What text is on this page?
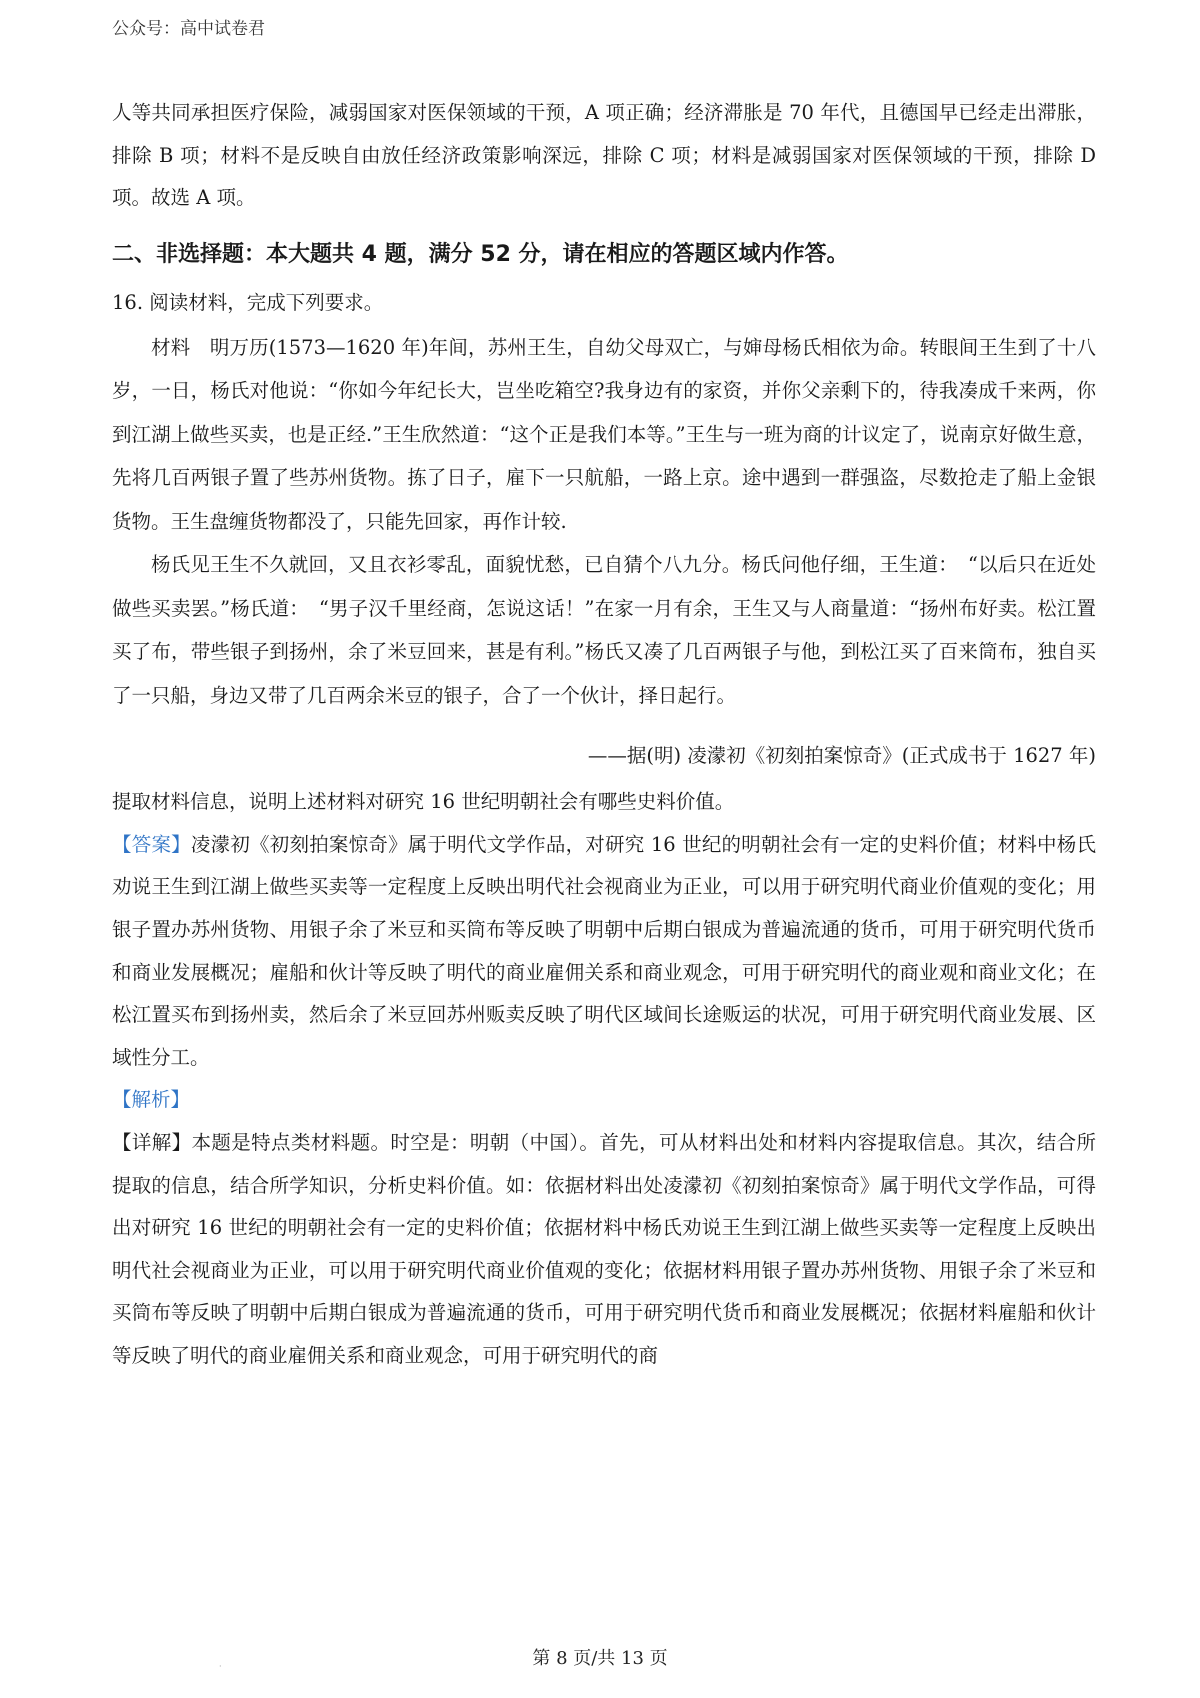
公众号：高中试卷君

人等共同承担医疗保险，减弱国家对医保领域的干预，A 项正确；经济滞胀是 70 年代，且德国早已经走出滞胀，排除 B 项；材料不是反映自由放任经济政策影响深远，排除 C 项；材料是减弱国家对医保领域的干预，排除 D 项。故选 A 项。

二、非选择题：本大题共 4 题，满分 52 分，请在相应的答题区域内作答。
16. 阅读材料，完成下列要求。

材料　明万历(1573—1620 年)年间，苏州王生，自幼父母双亡，与婶母杨氏相依为命。转眼间王生到了十八岁，一日，杨氏对他说：“你如今年纪长大，岂坐吃箱空?我身边有的家资，并你父亲剩下的，待我凑成千来两，你到江湖上做些买卖，也是正经.”王生欣然道：“这个正是我们本等。”王生与一班为商的计议定了，说南京好做生意，先将几百两银子置了些苏州货物。拣了日子，雇下一只航船，一路上京。途中遇到一群强盗，尽数抢走了船上金银货物。王生盘缠货物都没了，只能先回家，再作计较.

杨氏见王生不久就回，又且衣衫零乱，面貌忧愁，已自猜个八九分。杨氏问他仔细，王生道：　“以后只在近处做些买卖罢。”杨氏道：　“男子汉千里经商，怎说这话！”在家一月有余，王生又与人商量道：“扬州布好卖。松江置买了布，带些银子到扬州，余了米豆回来，甚是有利。”杨氏又凑了几百两银子与他，到松江买了百来筒布，独自买了一只船，身边又带了几百两余米豆的银子，合了一个伙计，择日起行。

——据(明) 凌濛初《初刻拍案惊奇》(正式成书于 1627 年)

提取材料信息，说明上述材料对研究 16 世纪明朝社会有哪些史料价值。

【答案】凌濛初《初刻拍案惊奇》属于明代文学作品，对研究 16 世纪的明朝社会有一定的史料价值；材料中杨氏劝说王生到江湖上做些买卖等一定程度上反映出明代社会视商业为正业，可以用于研究明代商业价值观的变化；用银子置办苏州货物、用银子余了米豆和买筒布等反映了明朝中后期白银成为普遍流通的货币，可用于研究明代货币和商业发展概况；雇船和伙计等反映了明代的商业雇佣关系和商业观念，可用于研究明代的商业观和商业文化；在松江置买布到扬州卖，然后余了米豆回苏州贩卖反映了明代区域间长途贩运的状况，可用于研究明代商业发展、区域性分工。

【解析】

【详解】本题是特点类材料题。时空是：明朝（中国）。首先，可从材料出处和材料内容提取信息。其次，结合所提取的信息，结合所学知识，分析史料价值。如：依据材料出处凌濛初《初刻拍案惊奇》属于明代文学作品，可得出对研究 16 世纪的明朝社会有一定的史料价值；依据材料中杨氏劝说王生到江湖上做些买卖等一定程度上反映出明代社会视商业为正业，可以用于研究明代商业价值观的变化；依据材料用银子置办苏州货物、用银子余了米豆和买筒布等反映了明朝中后期白银成为普遍流通的货币，可用于研究明代货币和商业发展概况；依据材料雇船和伙计等反映了明代的商业雇佣关系和商业观念，可用于研究明代的商

·	第 8 页/共 13 页
